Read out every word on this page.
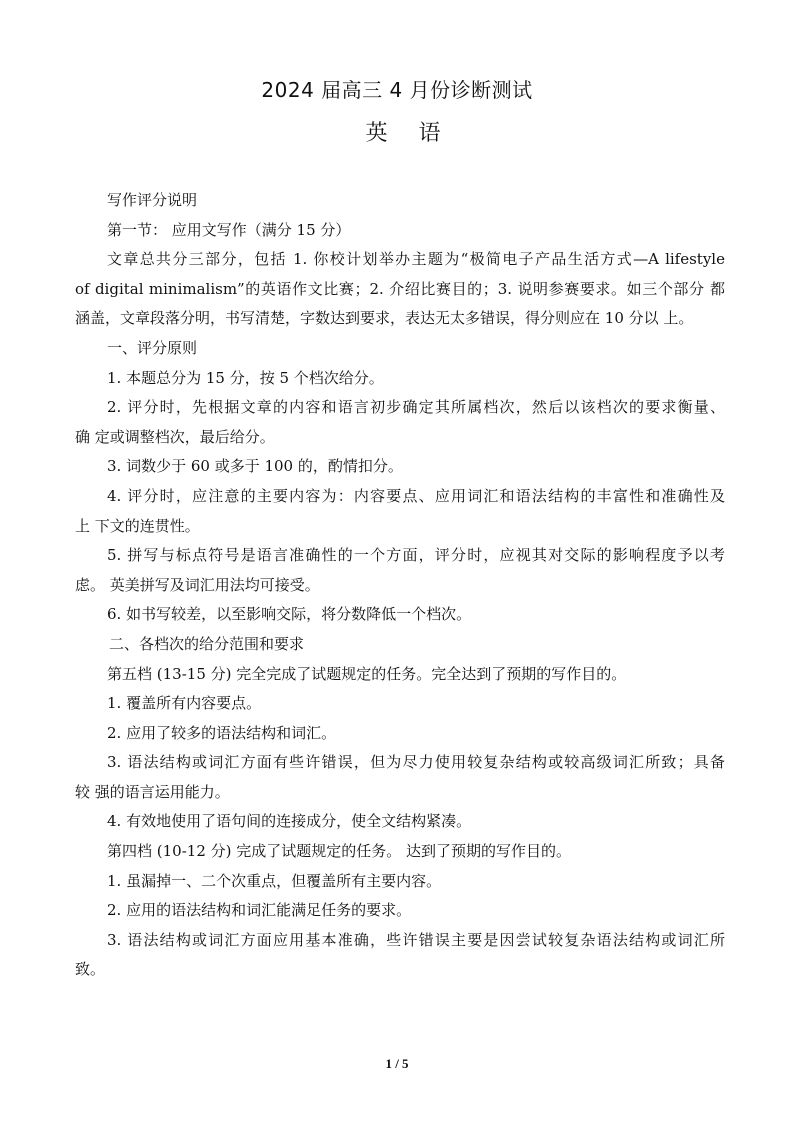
2024 届高三 4 月份诊断测试
英 语
写作评分说明
第一节： 应用文写作（满分 15 分）
文章总共分三部分，包括 1. 你校计划举办主题为“极简电子产品生活方式—A lifestyle
of digital minimalism”的英语作文比赛；2. 介绍比赛目的；3. 说明参赛要求。如三个部分 都
涵盖，文章段落分明，书写清楚，字数达到要求，表达无太多错误，得分则应在 10 分以 上。
一、评分原则
1. 本题总分为 15 分，按 5 个档次给分。
2. 评分时，先根据文章的内容和语言初步确定其所属档次，然后以该档次的要求衡量、
确 定或调整档次，最后给分。
3. 词数少于 60 或多于 100 的，酌情扣分。
4. 评分时，应注意的主要内容为：内容要点、应用词汇和语法结构的丰富性和准确性及
上 下文的连贯性。
5. 拼写与标点符号是语言准确性的一个方面，评分时，应视其对交际的影响程度予以考
虑。 英美拼写及词汇用法均可接受。
6. 如书写较差，以至影响交际，将分数降低一个档次。
二、各档次的给分范围和要求
第五档 (13-15 分) 完全完成了试题规定的任务。完全达到了预期的写作目的。
1. 覆盖所有内容要点。
2. 应用了较多的语法结构和词汇。
3. 语法结构或词汇方面有些许错误，但为尽力使用较复杂结构或较高级词汇所致；具备
较 强的语言运用能力。
4. 有效地使用了语句间的连接成分，使全文结构紧凑。
第四档 (10-12 分) 完成了试题规定的任务。 达到了预期的写作目的。
1. 虽漏掉一、二个次重点，但覆盖所有主要内容。
2. 应用的语法结构和词汇能满足任务的要求。
3. 语法结构或词汇方面应用基本准确，些许错误主要是因尝试较复杂语法结构或词汇所
致。
1 / 5
